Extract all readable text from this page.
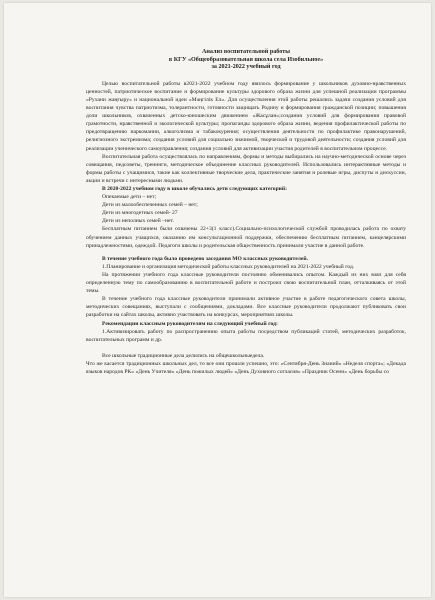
Анализ воспитательной работы
в КГУ «Общеобразовательная школа села Изобильное»
за 2021-2022 учебный год

Целью воспитательной работы в2021-2022 учебном году явилось формирование у школьников духовно-нравственных ценностей, патриотическое воспитание и формирование культуры здорового образа жизни для успешной реализации программы «Рухани жаңғыру» и национальной идеи «Мәңгілік Ел». Для осуществления этой работы решались задачи создания условий для воспитания чувства патриотизма, толерантности, готовности защищать Родину и формирования гражданской позиции; повышения доли школьников, охваченных детско-юношеским движением «Жасұлан»;создания условий для формирования правовой грамотности, нравственной и экологической культуры; пропаганды здорового образа жизни, ведения профилактической работы по предотвращению наркомании, алкоголизма и табакокурения; осуществления деятельности по профилактике правонарушений, религиозного экстремизма; создания условий для социально значимой, творческой и трудовой деятельности; создания условий для реализации ученического самоуправления; создания условий для активизации участия родителей в воспитательном процессе.

Воспитательная работа осуществлялась по направлениям, формы и методы выбирались на научно-методической основе через совещания, педсоветы, тренинги, методическое объединение классных руководителей. Использовались интерактивные методы и формы работы с учащимися, такие как коллективные творческие дела, практические занятия и ролевые игры, диспуты и дискуссии, акции и встречи с интересными людьми.

В 2020-2022 учебном году в школе обучались дети следующих категорий:

Опекаемые дети – нет;

Дети из малообеспеченных семей – нет;

Дети из многодетных семей- 27

Дети из неполных семей –нет.

Бесплатным питанием были охвачены 22+3(1 класс).Социально-психологической службой проводилась работа по охвату обучением данных учащихся, оказанию им консультационной поддержки, обеспечению бесплатным питанием, канцелярскими принадлежностями, одеждой. Педагоги школы и родительская общественность принимали участие в данной работе.

В течение учебного года было проведено заседания МО классных руководителей.

1.Планирование и организация методической работы классных руководителей на 2021-2022 учебный год.

На протяжении учебного года классные руководители постоянно обменивались опытом. Каждый из них взял для себя определенную тему по самообразованию в воспитательной работе и построил свою воспитательной план, отталкиваясь от этой темы.

В течение учебного года классные руководители принимали активное участие в работе педагогического совета школы, методических совещаниях, выступали с сообщениями, докладами. Все классные руководители продолжают публиковать свои разработки на сайтах школы, активно участвовать на конкурсах, мероприятиях школы.

Рекомендации классным руководителям на следующий учебный год:

1.Активизировать работу по распространению опыта работы посредством публикаций статей, методических разработок, воспитательных программ и др.

Все школьные традиционные дела делились на общешкольныедела.

Что же касается традиционных школьных дел, то все они прошли успешно, это: «Сентября-День Знаний» «Неделя спорта»; «Декада языков народов РК» «День Учителя» «День пожилых людей» «День Духовного согласия» «Праздник Осени» «День борьбы со
